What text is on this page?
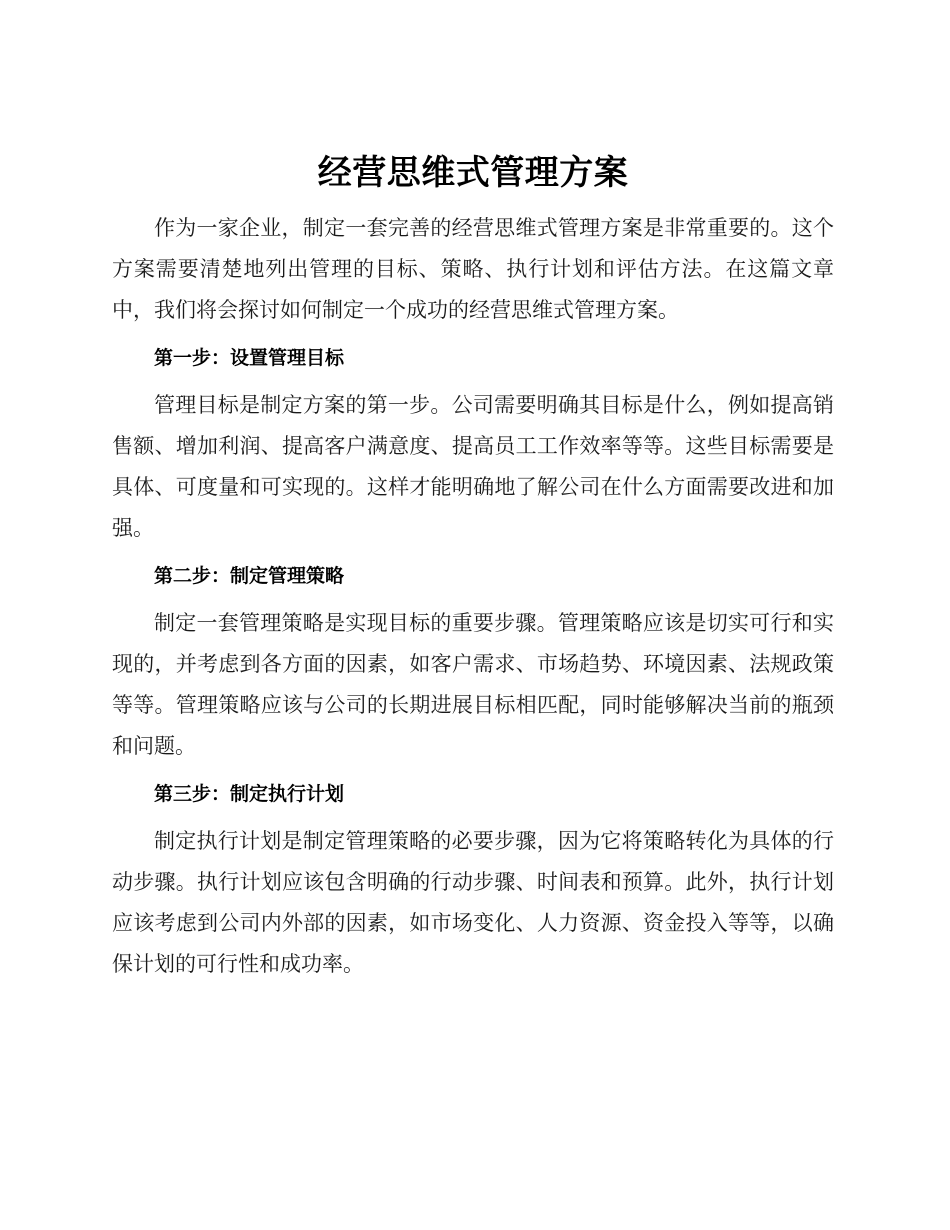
经营思维式管理方案

作为一家企业，制定一套完善的经营思维式管理方案是非常重要的。这个方案需要清楚地列出管理的目标、策略、执行计划和评估方法。在这篇文章中，我们将会探讨如何制定一个成功的经营思维式管理方案。

第一步：设置管理目标

管理目标是制定方案的第一步。公司需要明确其目标是什么，例如提高销售额、增加利润、提高客户满意度、提高员工工作效率等等。这些目标需要是具体、可度量和可实现的。这样才能明确地了解公司在什么方面需要改进和加强。

第二步：制定管理策略

制定一套管理策略是实现目标的重要步骤。管理策略应该是切实可行和实现的，并考虑到各方面的因素，如客户需求、市场趋势、环境因素、法规政策等等。管理策略应该与公司的长期进展目标相匹配，同时能够解决当前的瓶颈和问题。

第三步：制定执行计划

制定执行计划是制定管理策略的必要步骤，因为它将策略转化为具体的行动步骤。执行计划应该包含明确的行动步骤、时间表和预算。此外，执行计划应该考虑到公司内外部的因素，如市场变化、人力资源、资金投入等等，以确保计划的可行性和成功率。
